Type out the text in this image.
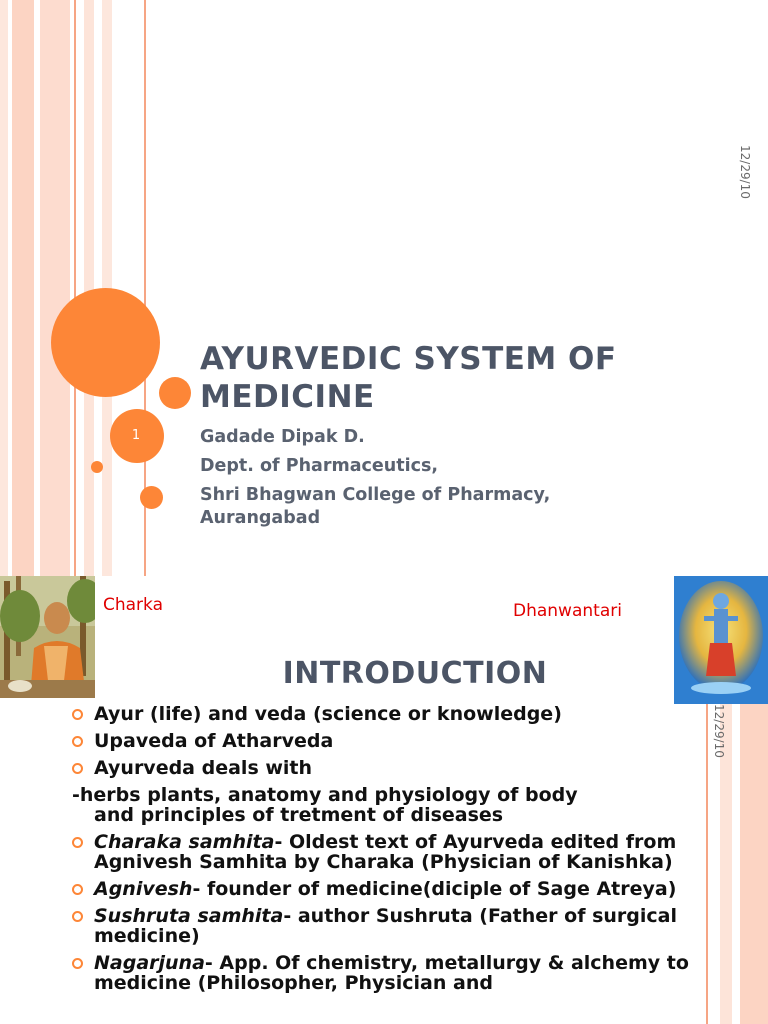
1
12/29/10
AYURVEDIC SYSTEM OF MEDICINE
Gadade Dipak D.
Dept. of Pharmaceutics,
Shri Bhagwan College of Pharmacy,
Aurangabad
Charka	Dhanwantari
12/29/10
INTRODUCTION
Ayur (life) and veda (science or knowledge)
Upaveda of Atharveda
Ayurveda deals with
-herbs plants, anatomy and physiology of body
and principles of tretment of diseases
Charaka samhita- Oldest text of Ayurveda edited from Agnivesh Samhita by Charaka (Physician of Kanishka)
Agnivesh- founder of medicine(diciple of Sage Atreya)
Sushruta samhita- author Sushruta (Father of surgical medicine)
Nagarjuna- App. Of chemistry, metallurgy & alchemy to medicine (Philosopher, Physician and
